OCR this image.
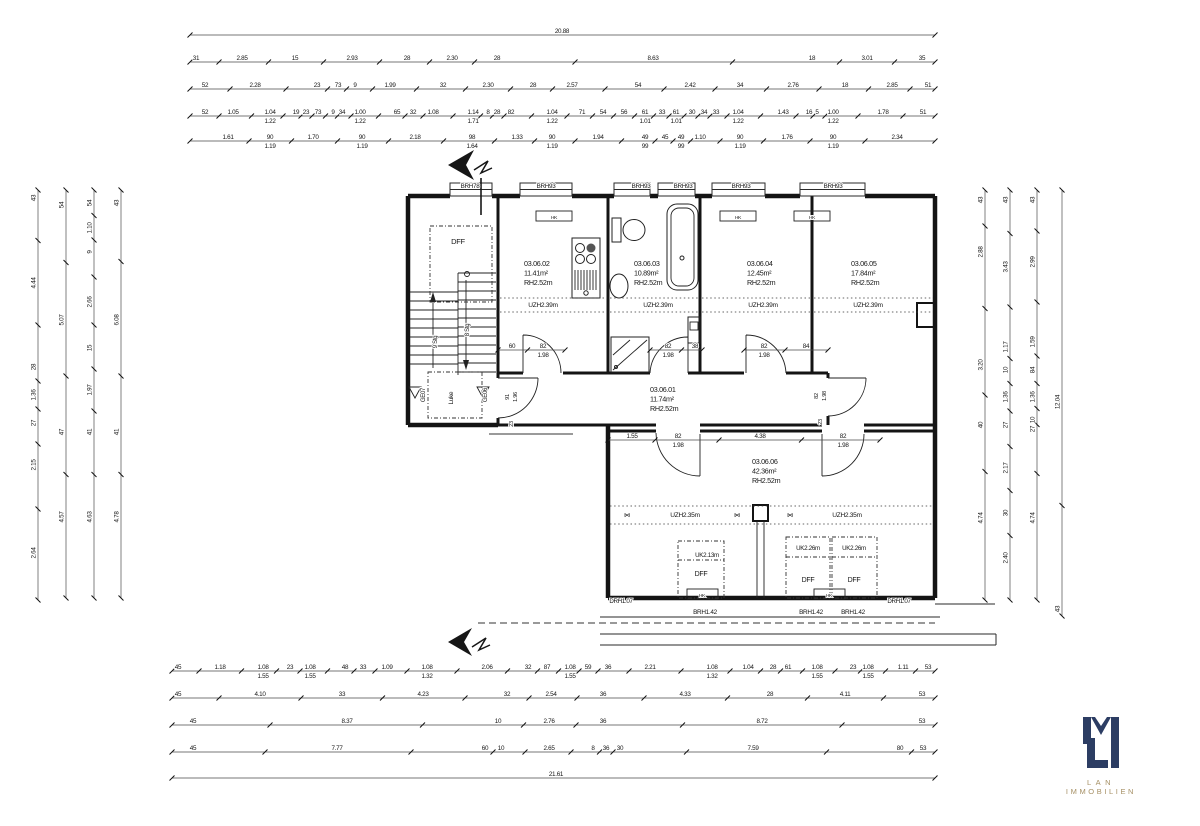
20.88
31	2.85	15	2.93	28	2.30	28	8.63	18	3.01	35
52	2.28	23 73 9	1.99	32	2.30	28	2.57	54	2.42	34	2.76	18	2.85	51
52	1.05	1.04
1.22
19 23 73 9 34 1.00
1.22
65 32 1.08	1.14
1.71
8 28 82	1.04
1.22
71 54 56 61
1.01
33 61
1.01
30 34 33 1.04
1.22
1.43	16 5 1.00
1.22
1.78	51
1.61	90
1.19
1.70	90
1.19
2.18	98
1.64
1.33	90
1.19
1.94	49
99
45 49
99
1.10	90
1.19
1.76	90
1.19
2.34
60	82
1.98
82
1.98
38	82
1.98
84
1.55	82
1.98
4.38	82
1.98
45	1.18	1.08
1.55
23 1.08
1.55
48 33 1.09	1.08
1.32
2.06	32 87 1.08
1.55
59 36	2.21	1.08
1.32
1.04	28 61	1.08
1.55
23 1.08
1.55
1.11	53
45	4.10	33	4.23	32	2.54	36	4.33	28	4.11	53
45	8.37	10	2.76	36	8.72	53
45	7.77	60 10	2.65	8 36 30	7.59	80	53
21.61
43
4.44
28
1.36
27
2.15
2.64
54
5.07
47
4.57
54
1.10
9
2.66
15
1.97
41
4.63
43
6.08
41
4.78
43
2.88
3.20
40
4.74
43
3.43
1.17
10
1.36
27
2.17
30
2.40
43
2.99
1.59
84
1.36
10
27
4.74
12.04
43
03.06.02
11.41m²
RH2.52m
03.06.03
10.89m²
RH2.52m
03.06.04
12.45m²
RH2.52m
03.06.05
17.84m²
RH2.52m
03.06.01
11.74m²
RH2.52m
03.06.06
42.36m²
RH2.52m
BRH78	BRH93	BRH93	BRH93	BRH93	BRH93
HK	HK	HK
HK	HK
DFF
UZH2.39m	UZH2.39m	UZH2.39m	UZH2.39m
UZH2.35m	UZH2.35m
⋈	⋈	⋈
UK2.13m
UK2.26m	UK2.26m
DFF
DFF	DFF
DRH1.07	DRH1.07
BRH1.42	BRH1.42	BRH1.42
GE07	Luke	GE06
9 Stg
8 Stg
91 1.96
23
82 1.98
23
LAN
IMMOBILIEN
